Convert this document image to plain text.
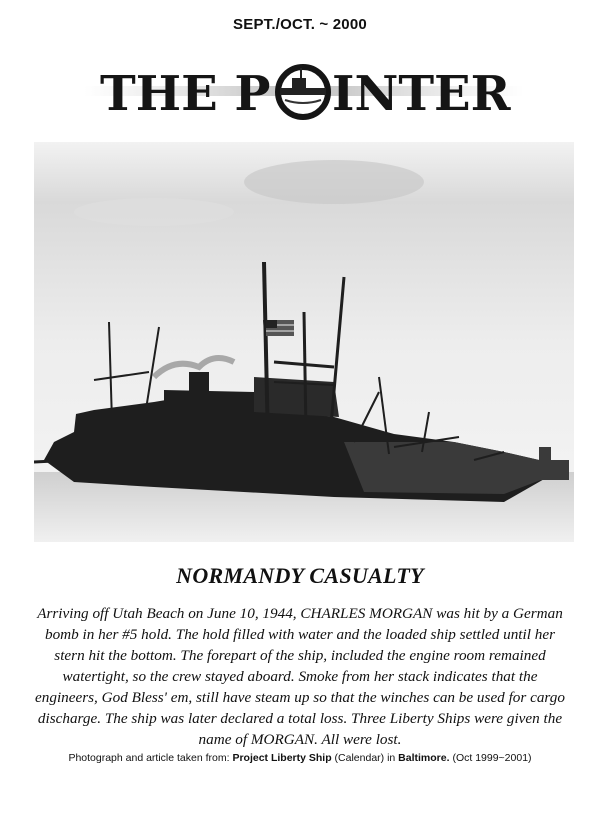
SEPT./OCT. ~ 2000
THE P INTER
NORMANDY CASUALTY

Arriving off Utah Beach on June 10, 1944, CHARLES MORGAN was hit by a German bomb in her #5 hold. The hold filled with water and the loaded ship settled until her stern hit the bottom. The forepart of the ship, included the engine room remained watertight, so the crew stayed aboard. Smoke from her stack indicates that the engineers, God Bless' em, still have steam up so that the winches can be used for cargo discharge. The ship was later declared a total loss. Three Liberty Ships were given the name of MORGAN. All were lost.

Photograph and article taken from: Project Liberty Ship (Calendar) in Baltimore. (Oct 1999~2001)
